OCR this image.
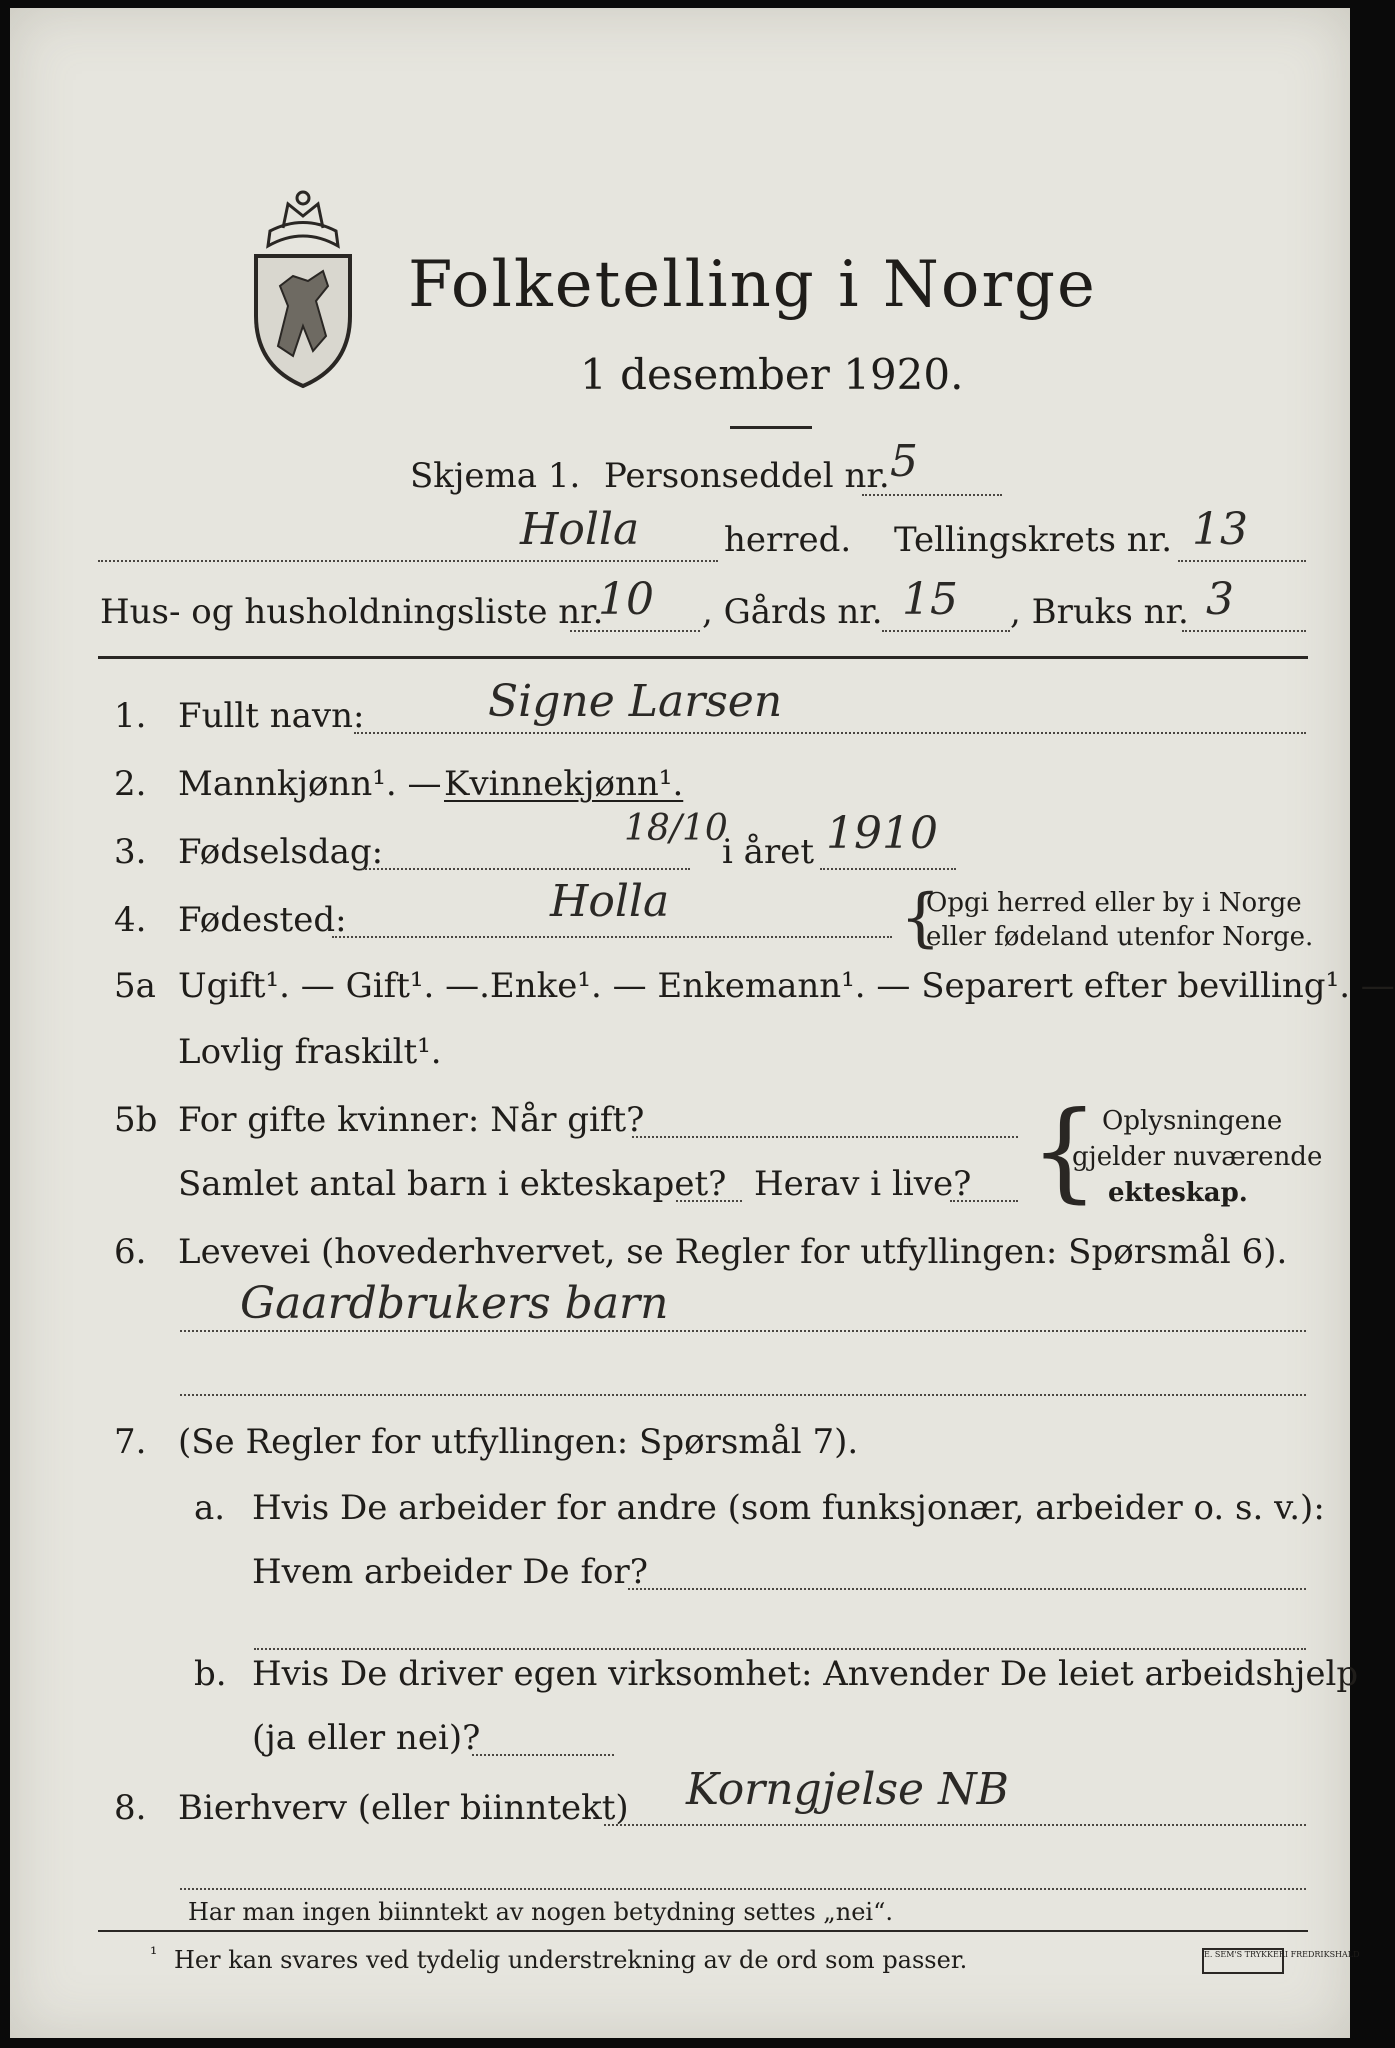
Folketelling i Norge
1 desember 1920.
Skjema 1. Personseddel nr. 5
Holla herred. Tellingskrets nr. 13
Hus- og husholdningsliste nr.
10 , Gårds nr. 15 , Bruks nr. 3
1. Fullt navn:	Signe Larsen
2. Mannkjønn¹. — Kvinnekjønn¹.
3. Fødselsdag:
18/10
i året 1910
4. Fødested:	Holla	{
Opgi herred eller by i Norge
eller fødeland utenfor Norge.
5a Ugift¹. — Gift¹. —.Enke¹. — Enkemann¹. — Separert efter bevilling¹. —
Lovlig fraskilt¹.
5b For gifte kvinner: Når gift?
Samlet antal barn i ekteskapet? Herav i live? { Oplysningene
gjelder nuværende
ekteskap.
6. Levevei (hovederhvervet, se Regler for utfyllingen: Spørsmål 6).
Gaardbrukers barn
7. (Se Regler for utfyllingen: Spørsmål 7).
a. Hvis De arbeider for andre (som funksjonær, arbeider o. s. v.):
Hvem arbeider De for?
b. Hvis De driver egen virksomhet: Anvender De leiet arbeidshjelp
(ja eller nei)?
8. Bierhverv (eller biinntekt) Korngjelse NB
Har man ingen biinntekt av nogen betydning settes „nei“.
¹ Her kan svares ved tydelig understrekning av de ord som passer.	E. SEM'S TRYKKERI FREDRIKSHALD
